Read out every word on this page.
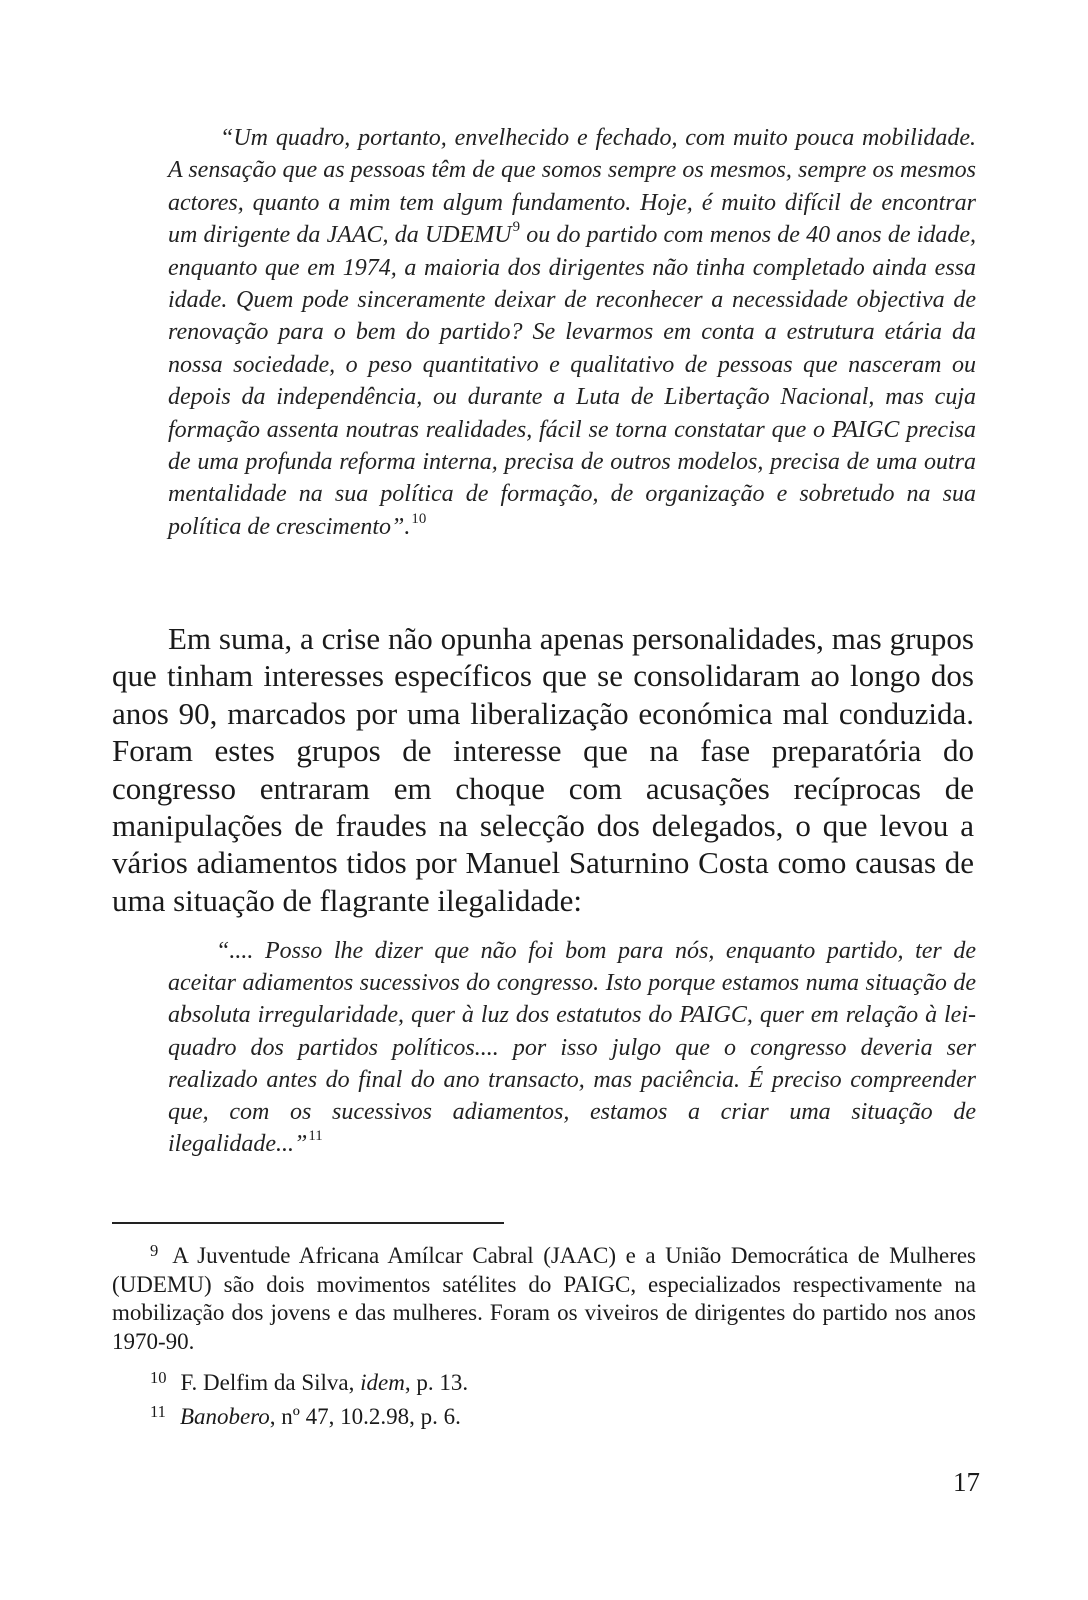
“Um quadro, portanto, envelhecido e fechado, com muito pouca mobilidade. A sensação que as pessoas têm de que somos sempre os mesmos, sempre os mesmos actores, quanto a mim tem algum fundamento. Hoje, é muito difícil de encontrar um dirigente da JAAC, da UDEMU$^9$ ou do partido com menos de 40 anos de idade, enquanto que em 1974, a maioria dos dirigentes não tinha completado ainda essa idade. Quem pode sinceramente deixar de reconhecer a necessidade objectiva de renovação para o bem do partido? Se levarmos em conta a estrutura etária da nossa sociedade, o peso quantitativo e qualitativo de pessoas que nasceram ou depois da independência, ou durante a Luta de Libertação Nacional, mas cuja formação assenta noutras realidades, fácil se torna constatar que o PAIGC precisa de uma profunda reforma interna, precisa de outros modelos, precisa de uma outra mentalidade na sua política de formação, de organização e sobretudo na sua política de crescimento”.$^{10}$

Em suma, a crise não opunha apenas personalidades, mas grupos que tinham interesses específicos que se consolidaram ao longo dos anos 90, marcados por uma liberalização económica mal conduzida. Foram estes grupos de interesse que na fase preparatória do congresso entraram em choque com acusações recíprocas de manipulações de fraudes na selecção dos delegados, o que levou a vários adiamentos tidos por Manuel Saturnino Costa como causas de uma situação de flagrante ilegalidade:

“.... Posso lhe dizer que não foi bom para nós, enquanto partido, ter de aceitar adiamentos sucessivos do congresso. Isto porque estamos numa situação de absoluta irregularidade, quer à luz dos estatutos do PAIGC, quer em relação à lei-quadro dos partidos políticos.... por isso julgo que o congresso deveria ser realizado antes do final do ano transacto, mas paciência. É preciso compreender que, com os sucessivos adiamentos, estamos a criar uma situação de ilegalidade...”$^{11}$

$^9$ A Juventude Africana Amílcar Cabral (JAAC) e a União Democrática de Mulheres (UDEMU) são dois movimentos satélites do PAIGC, especializados respectivamente na mobilização dos jovens e das mulheres. Foram os viveiros de dirigentes do partido nos anos 1970-90.

$^{10}$ F. Delfim da Silva, idem, p. 13.

$^{11}$ Banobero, nº 47, 10.2.98, p. 6.

17
